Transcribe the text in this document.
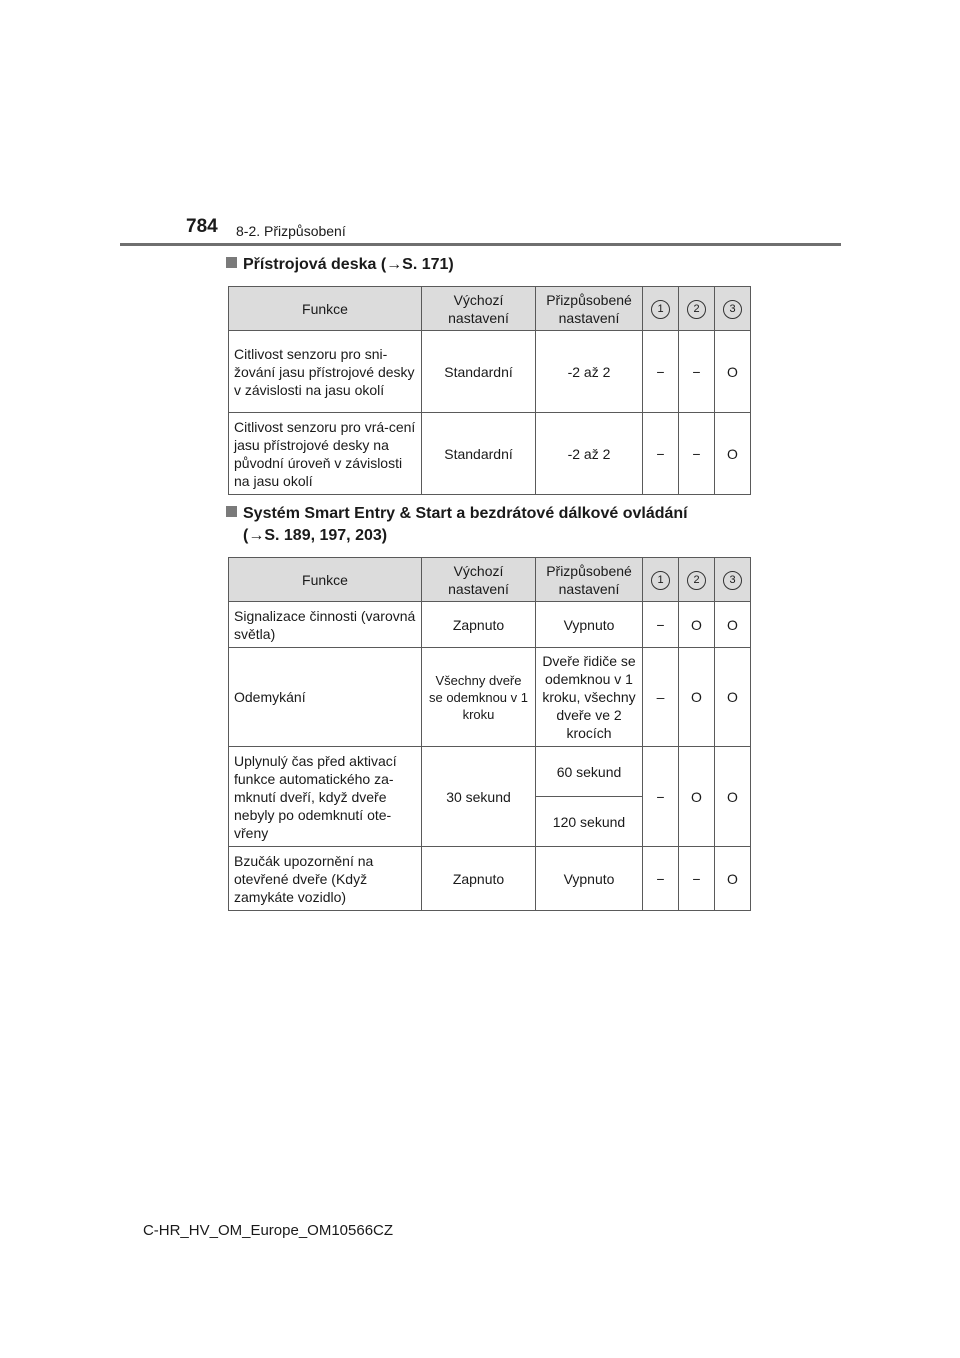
784 8-2. Přizpůsobení
Přístrojová deska (→S. 171)
Funkce	Výchozí nastavení	Přizpůsobené nastavení	1	2	3
Citlivost senzoru pro sni-žování jasu přístrojové desky v závislosti na jasu okolí	Standardní	-2 až 2	−	−	O
Citlivost senzoru pro vrá-cení jasu přístrojové desky na původní úroveň v závislosti na jasu okolí	Standardní	-2 až 2	−	−	O
Systém Smart Entry & Start a bezdrátové dálkové ovládání
(→S. 189, 197, 203)
Funkce	Výchozí nastavení	Přizpůsobené nastavení	1	2	3
Signalizace činnosti (varovná světla)	Zapnuto	Vypnuto	−	O	O
Odemykání	Všechny dveře se odemknou v 1 kroku	Dveře řidiče se odemknou v 1 kroku, všechny dveře ve 2 krocích	–	O	O
Uplynulý čas před aktivací funkce automatického za-mknutí dveří, když dveře nebyly po odemknutí ote-vřeny	30 sekund	60 sekund	−	O	O
		120 sekund			
Bzučák upozornění na otevřené dveře (Když zamykáte vozidlo)	Zapnuto	Vypnuto	−	−	O
C-HR_HV_OM_Europe_OM10566CZ
